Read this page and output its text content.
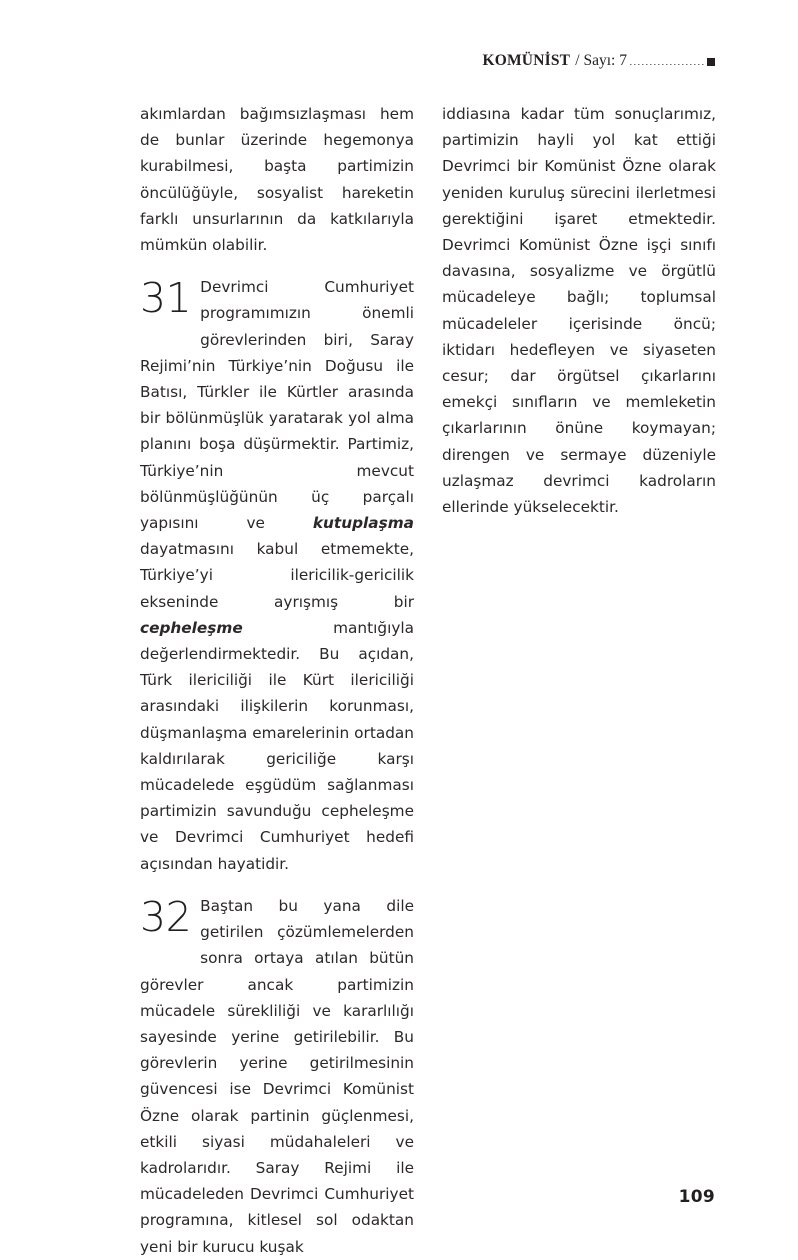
KOMÜNİST / Sayı: 7

akımlardan bağımsızlaşması hem de bunlar üzerinde hegemonya kurabilmesi, başta partimizin öncülüğüyle, sosyalist hareketin farklı unsurlarının da katkılarıyla mümkün olabilir.

31 Devrimci Cumhuriyet programımızın önemli görevlerinden biri, Saray Rejimi’nin Türkiye’nin Doğusu ile Batısı, Türkler ile Kürtler arasında bir bölünmüşlük yaratarak yol alma planını boşa düşürmektir. Partimiz, Türkiye’nin mevcut bölünmüşlüğünün üç parçalı yapısını ve kutuplaşma dayatmasını kabul etmemekte, Türkiye’yi ilericilik-gericilik ekseninde ayrışmış bir cepheleşme mantığıyla değerlendirmektedir. Bu açıdan, Türk ilericiliği ile Kürt ilericiliği arasındaki ilişkilerin korunması, düşmanlaşma emarelerinin ortadan kaldırılarak gericiliğe karşı mücadelede eşgüdüm sağlanması partimizin savunduğu cepheleşme ve Devrimci Cumhuriyet hedefi açısından hayatidir.

32 Baştan bu yana dile getirilen çözümlemelerden sonra ortaya atılan bütün görevler ancak partimizin mücadele sürekliliği ve kararlılığı sayesinde yerine getirilebilir. Bu görevlerin yerine getirilmesinin güvencesi ise Devrimci Komünist Özne olarak partinin güçlenmesi, etkili siyasi müdahaleleri ve kadrolarıdır. Saray Rejimi ile mücadeleden Devrimci Cumhuriyet programına, kitlesel sol odaktan yeni bir kurucu kuşak

iddiasına kadar tüm sonuçlarımız, partimizin hayli yol kat ettiği Devrimci bir Komünist Özne olarak yeniden kuruluş sürecini ilerletmesi gerektiğini işaret etmektedir. Devrimci Komünist Özne işçi sınıfı davasına, sosyalizme ve örgütlü mücadeleye bağlı; toplumsal mücadeleler içerisinde öncü; iktidarı hedefleyen ve siyaseten cesur; dar örgütsel çıkarlarını emekçi sınıfların ve memleketin çıkarlarının önüne koymayan; direngen ve sermaye düzeniyle uzlaşmaz devrimci kadroların ellerinde yükselecektir.

109
